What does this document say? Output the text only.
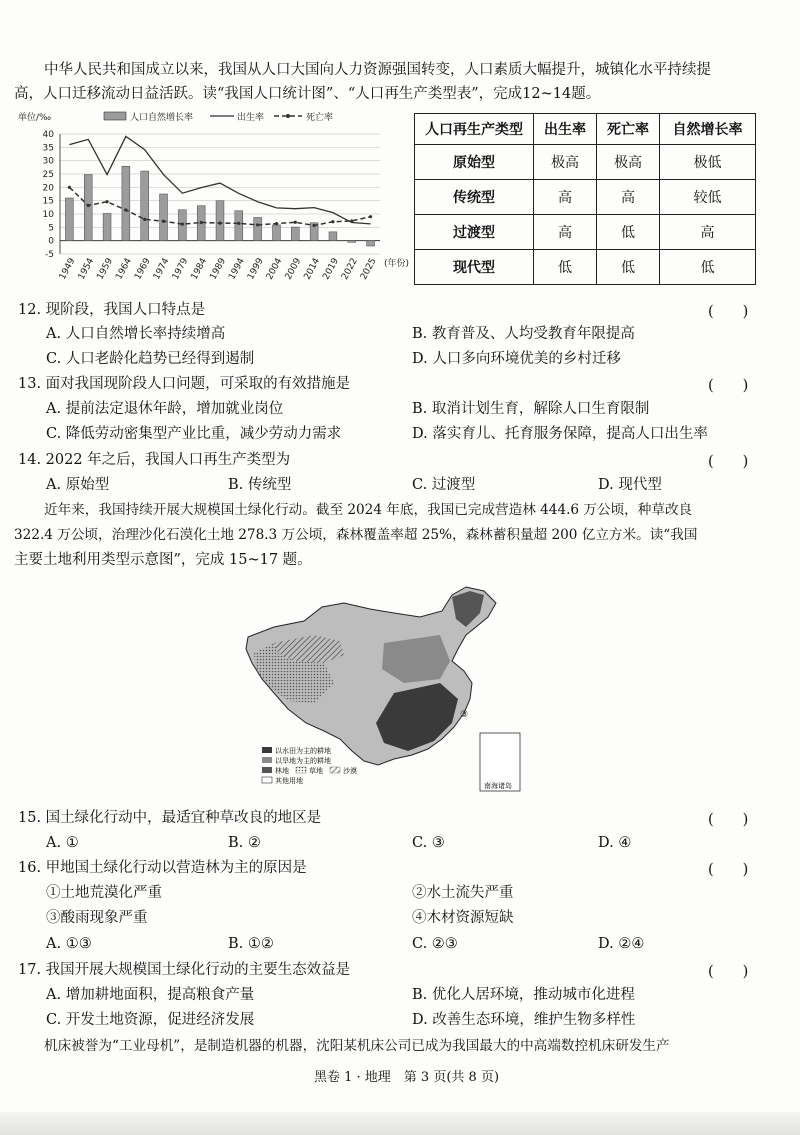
中华人民共和国成立以来，我国从人口大国向人力资源强国转变，人口素质大幅提升，城镇化水平持续提
高，人口迁移流动日益活跃。读“我国人口统计图”、“人口再生产类型表”，完成12~14题。
单位/‰	人口自然增长率	出生率	死亡率
40
35
30
25
20
15
10
5
0
-5
1949 1954 1959 1964 1969 1974 1979 1984 1989 1994 1999 2004 2009 2014 2019 2022 2025 (年份)
人口再生产类型	出生率	死亡率	自然增长率
原始型	极高	极高	极低
传统型	高	高	较低
过渡型	高	低	高
现代型	低	低	低
12. 现阶段，我国人口特点是	(　　)
A. 人口自然增长率持续增高	B. 教育普及、人均受教育年限提高
C. 人口老龄化趋势已经得到遏制	D. 人口多向环境优美的乡村迁移
13. 面对我国现阶段人口问题，可采取的有效措施是	(　　)
A. 提前法定退休年龄，增加就业岗位	B. 取消计划生育，解除人口生育限制
C. 降低劳动密集型产业比重，减少劳动力需求	D. 落实育儿、托育服务保障，提高人口出生率
14. 2022 年之后，我国人口再生产类型为	(　　)
A. 原始型	B. 传统型	C. 过渡型	D. 现代型
近年来，我国持续开展大规模国土绿化行动。截至 2024 年底，我国已完成营造林 444.6 万公顷，种草改良
322.4 万公顷，治理沙化石漠化土地 278.3 万公顷，森林覆盖率超 25%，森林蓄积量超 200 亿立方米。读“我国
主要土地利用类型示意图”，完成 15~17 题。
③
南海诸岛
以水田为主的耕地
以旱地为主的耕地
林地	草地	沙漠
其他用地
15. 国土绿化行动中，最适宜种草改良的地区是	(　　)
A. ①	B. ②	C. ③	D. ④
16. 甲地国土绿化行动以营造林为主的原因是	(　　)
①土地荒漠化严重	②水土流失严重
③酸雨现象严重	④木材资源短缺
A. ①③	B. ①②	C. ②③	D. ②④
17. 我国开展大规模国土绿化行动的主要生态效益是	(　　)
A. 增加耕地面积，提高粮食产量	B. 优化人居环境，推动城市化进程
C. 开发土地资源，促进经济发展	D. 改善生态环境，维护生物多样性
机床被誉为“工业母机”，是制造机器的机器，沈阳某机床公司已成为我国最大的中高端数控机床研发生产
黑卷 1 · 地理　第 3 页(共 8 页)
